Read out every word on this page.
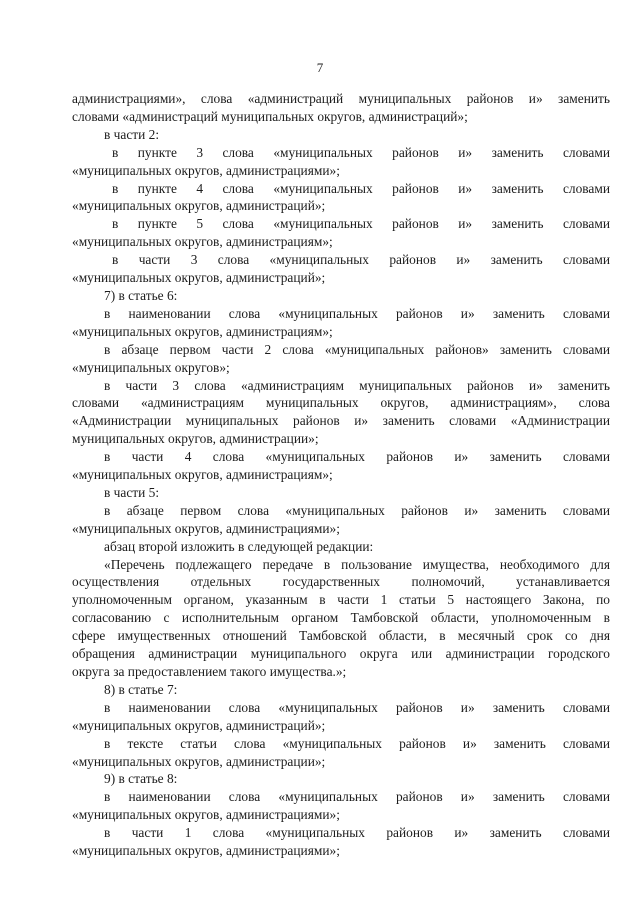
7

администрациями», слова «администраций муниципальных районов и» заменить

словами «администраций муниципальных округов, администраций»;

в части 2:

в пункте 3 слова «муниципальных районов и» заменить словами

«муниципальных округов, администрациями»;

в пункте 4 слова «муниципальных районов и» заменить словами

«муниципальных округов, администраций»;

в пункте 5 слова «муниципальных районов и» заменить словами

«муниципальных округов, администрациям»;

в части 3 слова «муниципальных районов и» заменить словами

«муниципальных округов, администраций»;

7) в статье 6:

в наименовании слова «муниципальных районов и» заменить словами

«муниципальных округов, администрациям»;

в абзаце первом части 2 слова «муниципальных районов» заменить словами

«муниципальных округов»;

в части 3 слова «администрациям муниципальных районов и» заменить

словами «администрациям муниципальных округов, администрациям», слова

«Администрации муниципальных районов и» заменить словами «Администрации

муниципальных округов, администрации»;

в части 4 слова «муниципальных районов и» заменить словами

«муниципальных округов, администрациям»;

в части 5:

в абзаце первом слова «муниципальных районов и» заменить словами

«муниципальных округов, администрациями»;

абзац второй изложить в следующей редакции:

«Перечень подлежащего передаче в пользование имущества, необходимого для

осуществления отдельных государственных полномочий, устанавливается

уполномоченным органом, указанным в части 1 статьи 5 настоящего Закона, по

согласованию с исполнительным органом Тамбовской области, уполномоченным в

сфере имущественных отношений Тамбовской области, в месячный срок со дня

обращения администрации муниципального округа или администрации городского

округа за предоставлением такого имущества.»;

8) в статье 7:

в наименовании слова «муниципальных районов и» заменить словами

«муниципальных округов, администраций»;

в тексте статьи слова «муниципальных районов и» заменить словами

«муниципальных округов, администрации»;

9) в статье 8:

в наименовании слова «муниципальных районов и» заменить словами

«муниципальных округов, администрациями»;

в части 1 слова «муниципальных районов и» заменить словами

«муниципальных округов, администрациями»;
